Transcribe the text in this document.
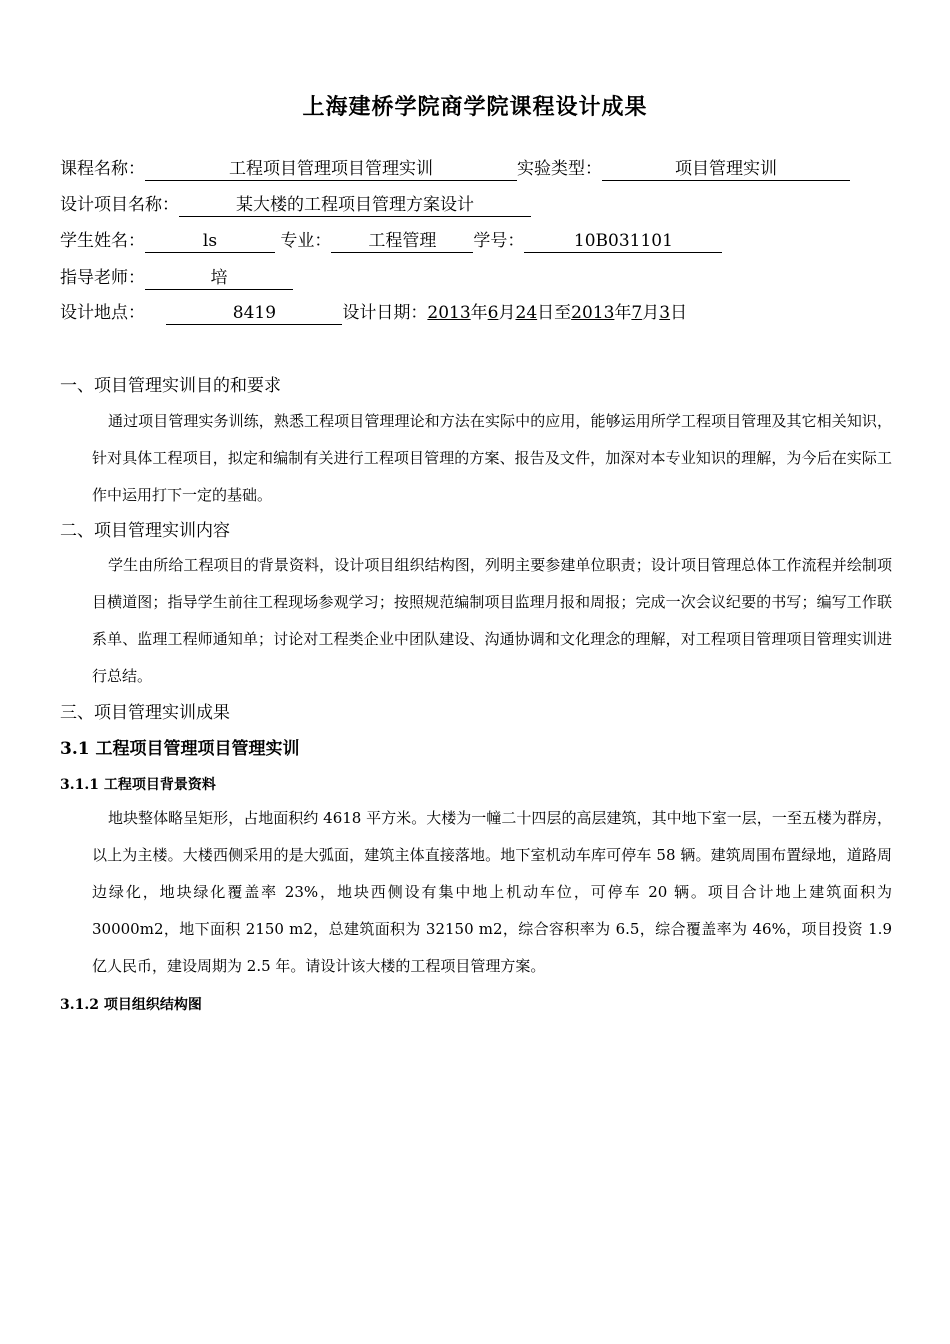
上海建桥学院商学院课程设计成果
课程名称：	工程项目管理项目管理实训	实验类型：	项目管理实训
设计项目名称：	某大楼的工程项目管理方案设计
学生姓名：	ls	专业： 工程管理 学号：	10B031101
指导老师：	培
设计地点：	8419	设计日期：2013年6月24日至2013年7月3日
一、项目管理实训目的和要求
通过项目管理实务训练，熟悉工程项目管理理论和方法在实际中的应用，能够运用所学工程项目管理及其它相关知识，针对具体工程项目，拟定和编制有关进行工程项目管理的方案、报告及文件，加深对本专业知识的理解，为今后在实际工作中运用打下一定的基础。
二、项目管理实训内容
学生由所给工程项目的背景资料，设计项目组织结构图，列明主要参建单位职责；设计项目管理总体工作流程并绘制项目横道图；指导学生前往工程现场参观学习；按照规范编制项目监理月报和周报；完成一次会议纪要的书写；编写工作联系单、监理工程师通知单；讨论对工程类企业中团队建设、沟通协调和文化理念的理解，对工程项目管理项目管理实训进行总结。
三、项目管理实训成果
3.1 工程项目管理项目管理实训
3.1.1 工程项目背景资料
地块整体略呈矩形，占地面积约 4618 平方米。大楼为一幢二十四层的高层建筑，其中地下室一层，一至五楼为群房，以上为主楼。大楼西侧采用的是大弧面，建筑主体直接落地。地下室机动车库可停车 58 辆。建筑周围布置绿地，道路周边绿化，地块绿化覆盖率 23%，地块西侧设有集中地上机动车位，可停车 20 辆。项目合计地上建筑面积为 30000m2，地下面积 2150 m2，总建筑面积为 32150 m2，综合容积率为 6.5，综合覆盖率为 46%，项目投资 1.9 亿人民币，建设周期为 2.5 年。请设计该大楼的工程项目管理方案。
3.1.2 项目组织结构图
